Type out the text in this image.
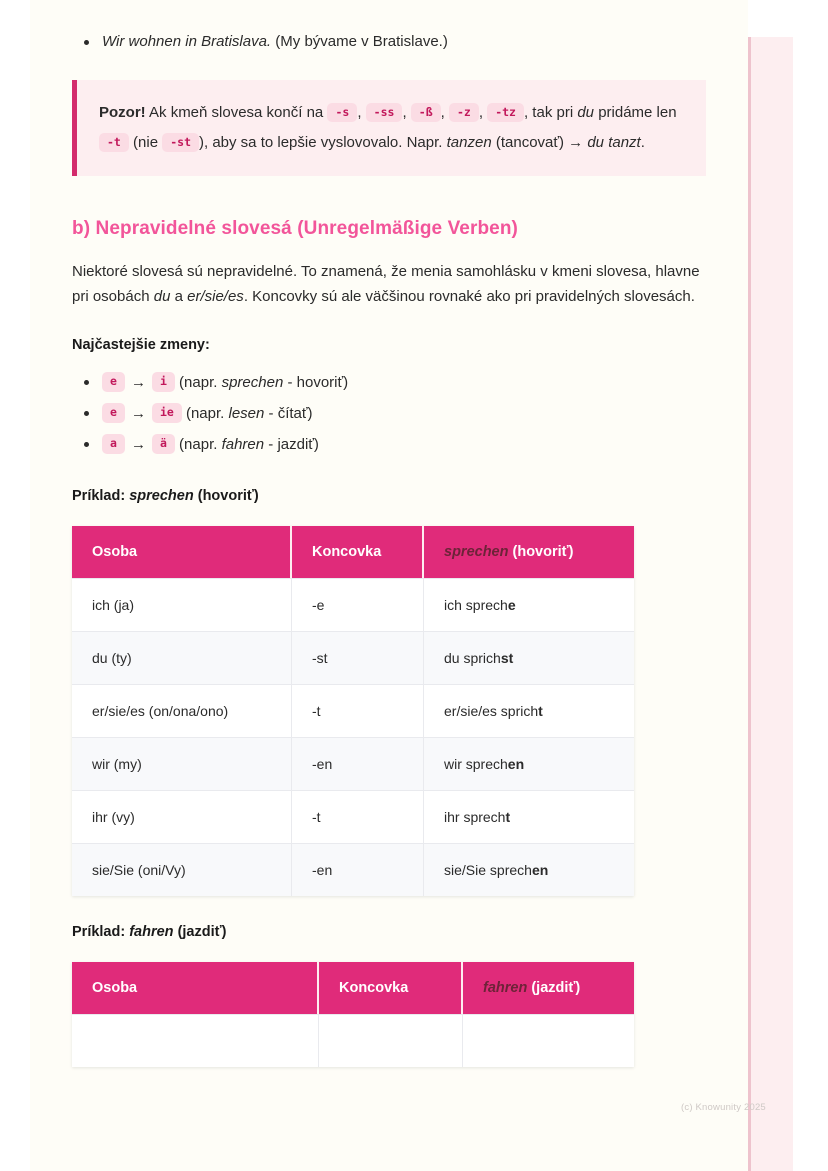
Wir wohnen in Bratislava. (My bývame v Bratislave.)
Pozor! Ak kmeň slovesa končí na -s , -ss , -ß , -z , -tz , tak pri du pridáme len -t (nie -st ), aby sa to lepšie vyslovovalo. Napr. tanzen (tancovať) → du tanzt.
b) Nepravidelné slovesá (Unregelmäßige Verben)

Niektoré slovesá sú nepravidelné. To znamená, že menia samohlásku v kmeni slovesa, hlavne pri osobách du a er/sie/es. Koncovky sú ale väčšinou rovnaké ako pri pravidelných slovesách.

Najčastejšie zmeny:
e → i (napr. sprechen - hovoriť)
e → ie (napr. lesen - čítať)
a → ä (napr. fahren - jazdiť)
Príklad: sprechen (hovoriť)
Osoba	Koncovka	sprechen (hovoriť)
ich (ja)	-e	ich spreche
du (ty)	-st	du sprichst
er/sie/es (on/ona/ono)	-t	er/sie/es spricht
wir (my)	-en	wir sprechen
ihr (vy)	-t	ihr sprecht
sie/Sie (oni/Vy)	-en	sie/Sie sprechen
Príklad: fahren (jazdiť)
Osoba	Koncovka	fahren (jazdiť)

(c) Knowunity 2025
